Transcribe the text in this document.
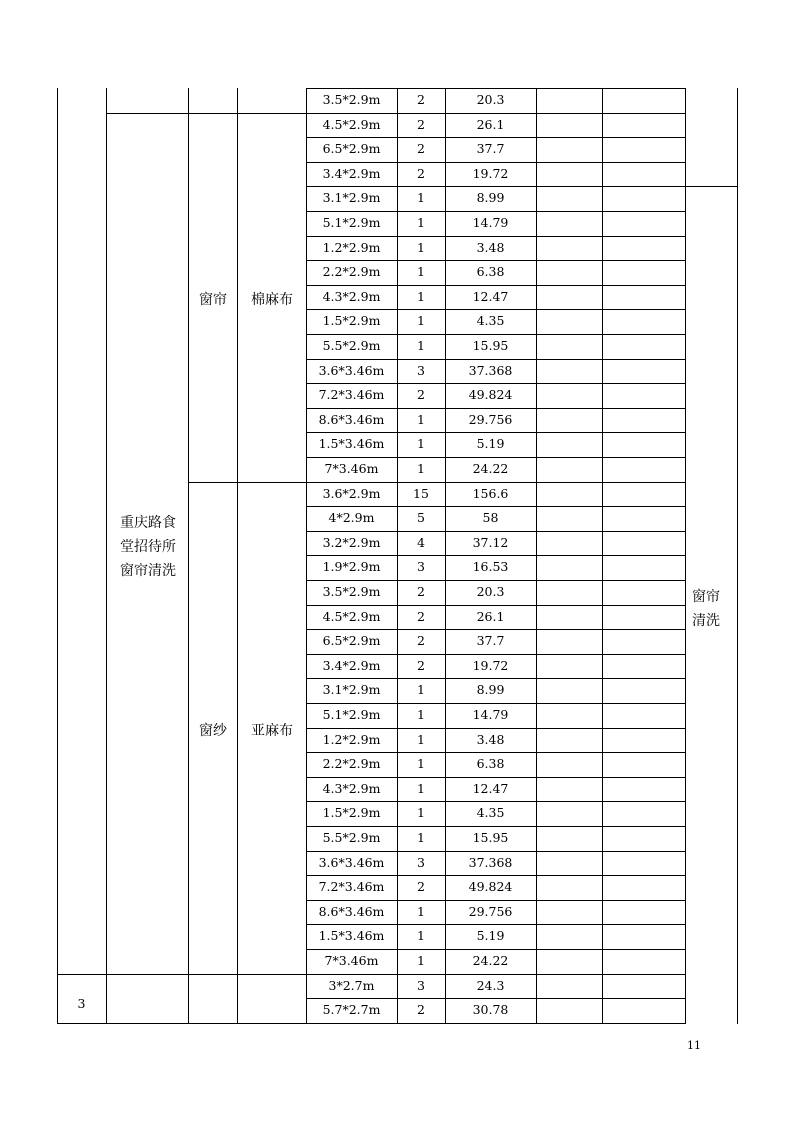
重庆路食堂招待所窗帘清洗
窗帘	棉麻布
窗纱	亚麻布
窗帘清洗
3
11
3.5*2.9m	2	20.3
4.5*2.9m	2	26.1
6.5*2.9m	2	37.7
3.4*2.9m	2	19.72
3.1*2.9m	1	8.99
5.1*2.9m	1	14.79
1.2*2.9m	1	3.48
2.2*2.9m	1	6.38
4.3*2.9m	1	12.47
1.5*2.9m	1	4.35
5.5*2.9m	1	15.95
3.6*3.46m	3	37.368
7.2*3.46m	2	49.824
8.6*3.46m	1	29.756
1.5*3.46m	1	5.19
7*3.46m	1	24.22
3.6*2.9m	15	156.6
4*2.9m	5	58
3.2*2.9m	4	37.12
1.9*2.9m	3	16.53
3.5*2.9m	2	20.3
4.5*2.9m	2	26.1
6.5*2.9m	2	37.7
3.4*2.9m	2	19.72
3.1*2.9m	1	8.99
5.1*2.9m	1	14.79
1.2*2.9m	1	3.48
2.2*2.9m	1	6.38
4.3*2.9m	1	12.47
1.5*2.9m	1	4.35
5.5*2.9m	1	15.95
3.6*3.46m	3	37.368
7.2*3.46m	2	49.824
8.6*3.46m	1	29.756
1.5*3.46m	1	5.19
7*3.46m	1	24.22
3*2.7m	3	24.3
5.7*2.7m	2	30.78
